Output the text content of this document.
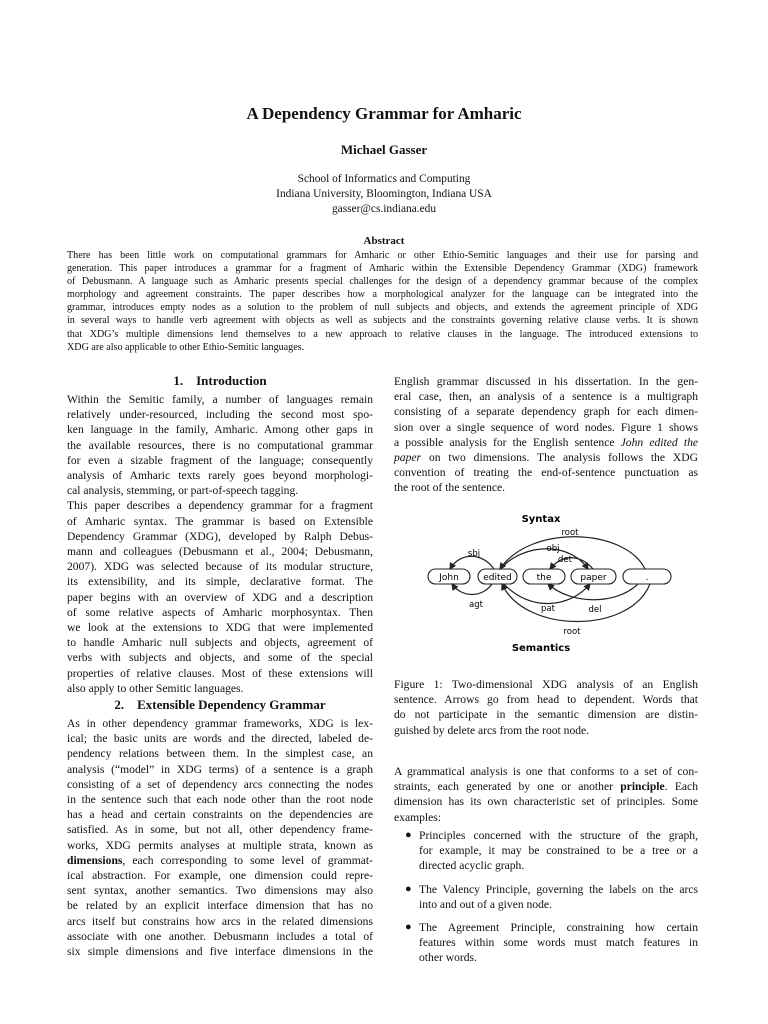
A Dependency Grammar for Amharic
Michael Gasser
School of Informatics and Computing
Indiana University, Bloomington, Indiana USA
gasser@cs.indiana.edu
Abstract
There has been little work on computational grammars for Amharic or other Ethio-Semitic languages and their use for parsing and
generation. This paper introduces a grammar for a fragment of Amharic within the Extensible Dependency Grammar (XDG) framework
of Debusmann. A language such as Amharic presents special challenges for the design of a dependency grammar because of the complex
morphology and agreement constraints. The paper describes how a morphological analyzer for the language can be integrated into the
grammar, introduces empty nodes as a solution to the problem of null subjects and objects, and extends the agreement principle of XDG
in several ways to handle verb agreement with objects as well as subjects and the constraints governing relative clause verbs. It is shown
that XDG’s multiple dimensions lend themselves to a new approach to relative clauses in the language. The introduced extensions to
XDG are also applicable to other Ethio-Semitic languages.
1. Introduction
Within the Semitic family, a number of languages remain
relatively under-resourced, including the second most spo-
ken language in the family, Amharic. Among other gaps in
the available resources, there is no computational grammar
for even a sizable fragment of the language; consequently
analysis of Amharic texts rarely goes beyond morphologi-
cal analysis, stemming, or part-of-speech tagging.
This paper describes a dependency grammar for a fragment
of Amharic syntax. The grammar is based on Extensible
Dependency Grammar (XDG), developed by Ralph Debus-
mann and colleagues (Debusmann et al., 2004; Debusmann,
2007). XDG was selected because of its modular structure,
its extensibility, and its simple, declarative format. The
paper begins with an overview of XDG and a description
of some relative aspects of Amharic morphosyntax. Then
we look at the extensions to XDG that were implemented
to handle Amharic null subjects and objects, agreement of
verbs with subjects and objects, and some of the special
properties of relative clauses. Most of these extensions will
also apply to other Semitic languages.
2. Extensible Dependency Grammar
As in other dependency grammar frameworks, XDG is lex-
ical; the basic units are words and the directed, labeled de-
pendency relations between them. In the simplest case, an
analysis (“model” in XDG terms) of a sentence is a graph
consisting of a set of dependency arcs connecting the nodes
in the sentence such that each node other than the root node
has a head and certain constraints on the dependencies are
satisfied. As in some, but not all, other dependency frame-
works, XDG permits analyses at multiple strata, known as
dimensions, each corresponding to some level of grammat-
ical abstraction. For example, one dimension could repre-
sent syntax, another semantics. Two dimensions may also
be related by an explicit interface dimension that has no
arcs itself but constrains how arcs in the related dimensions
associate with one another. Debusmann includes a total of
six simple dimensions and five interface dimensions in the
English grammar discussed in his dissertation. In the gen-
eral case, then, an analysis of a sentence is a multigraph
consisting of a separate dependency graph for each dimen-
sion over a single sequence of word nodes. Figure 1 shows
a possible analysis for the English sentence John edited the
paper on two dimensions. The analysis follows the XDG
convention of treating the end-of-sentence punctuation as
the root of the sentence.
Syntax
Semantics
John	edited	the	paper	.
root
obj
det
sbj
agt	pat	del
root
Figure 1: Two-dimensional XDG analysis of an English
sentence. Arrows go from head to dependent. Words that
do not participate in the semantic dimension are distin-
guished by delete arcs from the root node.
A grammatical analysis is one that conforms to a set of con-
straints, each generated by one or another principle. Each
dimension has its own characteristic set of principles. Some
examples:
● Principles concerned with the structure of the graph,
for example, it may be constrained to be a tree or a
directed acyclic graph.
● The Valency Principle, governing the labels on the arcs
into and out of a given node.
● The Agreement Principle, constraining how certain
features within some words must match features in
other words.
